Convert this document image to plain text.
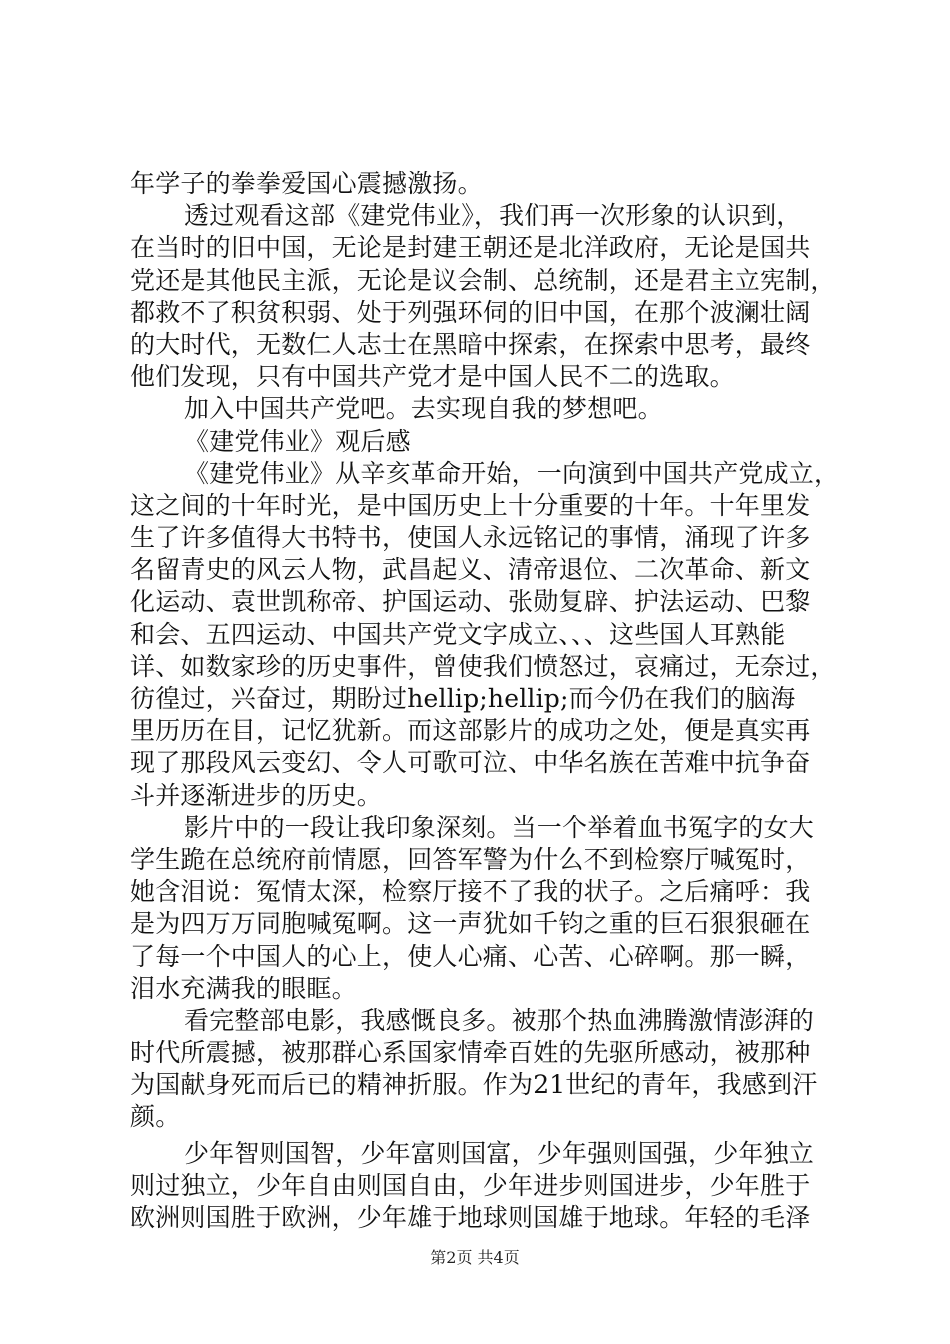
年学子的拳拳爱国心震撼激扬。
透过观看这部《建党伟业》，我们再一次形象的认识到，
在当时的旧中国，无论是封建王朝还是北洋政府，无论是国共
党还是其他民主派，无论是议会制、总统制，还是君主立宪制，
都救不了积贫积弱、处于列强环伺的旧中国，在那个波澜壮阔
的大时代，无数仁人志士在黑暗中探索，在探索中思考，最终
他们发现，只有中国共产党才是中国人民不二的选取。
加入中国共产党吧。去实现自我的梦想吧。
《建党伟业》观后感
《建党伟业》从辛亥革命开始，一向演到中国共产党成立，
这之间的十年时光，是中国历史上十分重要的十年。十年里发
生了许多值得大书特书，使国人永远铭记的事情，涌现了许多
名留青史的风云人物，武昌起义、清帝退位、二次革命、新文
化运动、袁世凯称帝、护国运动、张勋复辟、护法运动、巴黎
和会、五四运动、中国共产党文字成立、、、这些国人耳熟能
详、如数家珍的历史事件，曾使我们愤怒过，哀痛过，无奈过，
彷徨过，兴奋过，期盼过hellip;hellip;而今仍在我们的脑海
里历历在目，记忆犹新。而这部影片的成功之处，便是真实再
现了那段风云变幻、令人可歌可泣、中华名族在苦难中抗争奋
斗并逐渐进步的历史。
影片中的一段让我印象深刻。当一个举着血书冤字的女大
学生跪在总统府前情愿，回答军警为什么不到检察厅喊冤时，
她含泪说：冤情太深，检察厅接不了我的状子。之后痛呼：我
是为四万万同胞喊冤啊。这一声犹如千钧之重的巨石狠狠砸在
了每一个中国人的心上，使人心痛、心苦、心碎啊。那一瞬，
泪水充满我的眼眶。
看完整部电影，我感慨良多。被那个热血沸腾激情澎湃的
时代所震撼，被那群心系国家情牵百姓的先驱所感动，被那种
为国献身死而后已的精神折服。作为21世纪的青年，我感到汗
颜。
少年智则国智，少年富则国富，少年强则国强，少年独立
则过独立，少年自由则国自由，少年进步则国进步，少年胜于
欧洲则国胜于欧洲，少年雄于地球则国雄于地球。年轻的毛泽
第2页 共4页
